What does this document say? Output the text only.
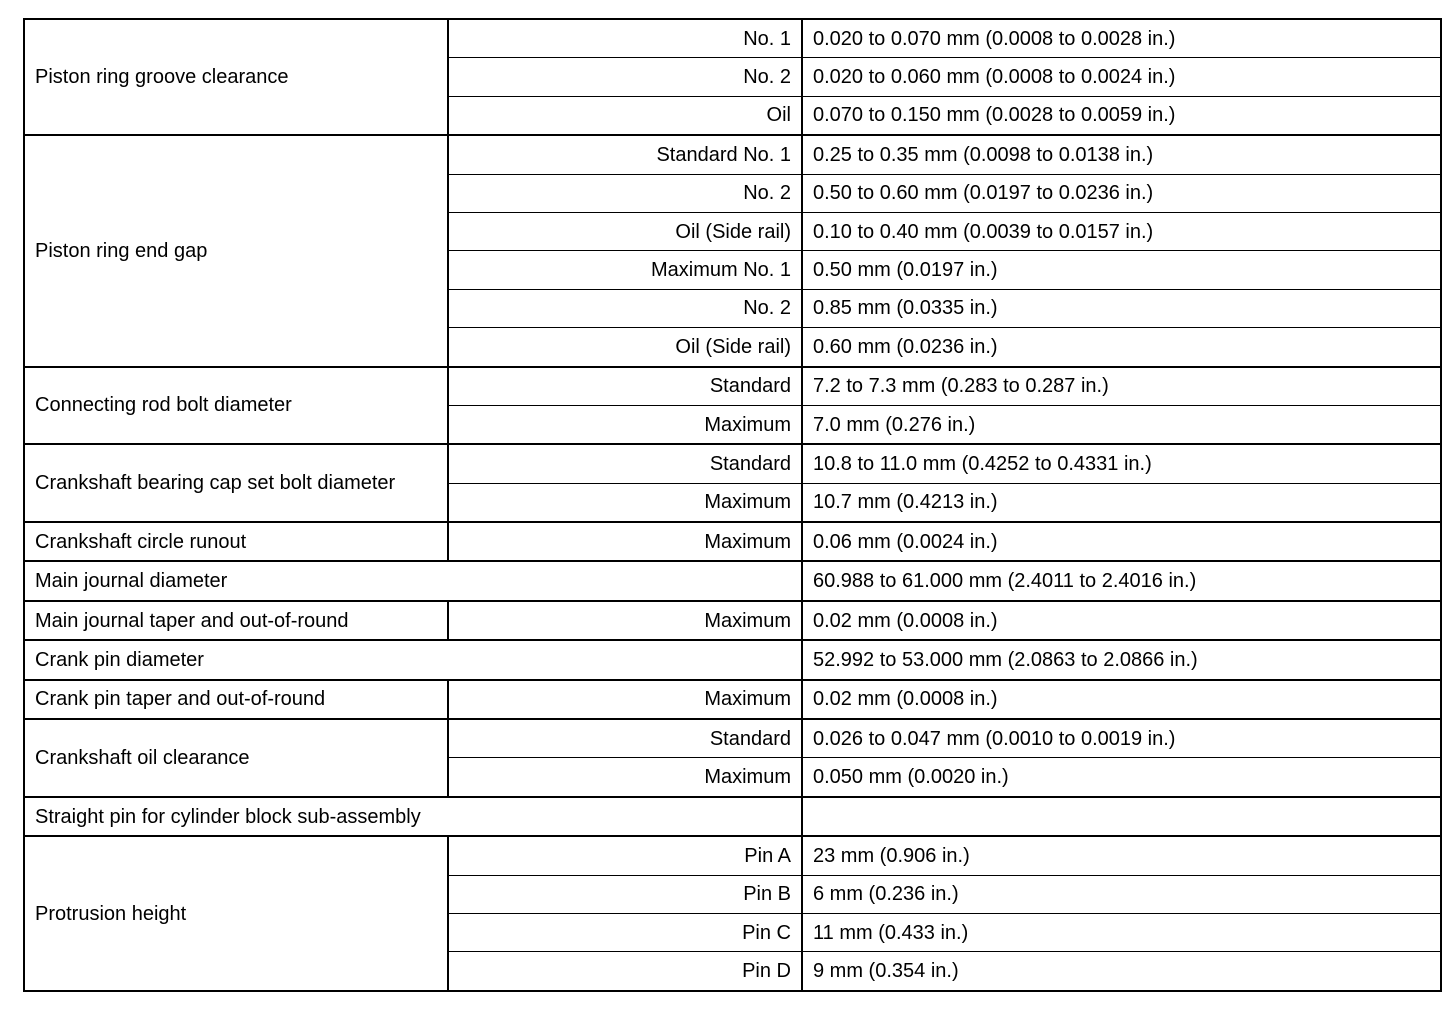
Piston ring groove clearance	No. 1	0.020 to 0.070 mm (0.0008 to 0.0028 in.)
	No. 2	0.020 to 0.060 mm (0.0008 to 0.0024 in.)
	Oil	0.070 to 0.150 mm (0.0028 to 0.0059 in.)
Piston ring end gap	Standard No. 1	0.25 to 0.35 mm (0.0098 to 0.0138 in.)
	No. 2	0.50 to 0.60 mm (0.0197 to 0.0236 in.)
	Oil (Side rail)	0.10 to 0.40 mm (0.0039 to 0.0157 in.)
	Maximum No. 1	0.50 mm (0.0197 in.)
	No. 2	0.85 mm (0.0335 in.)
	Oil (Side rail)	0.60 mm (0.0236 in.)
Connecting rod bolt diameter	Standard	7.2 to 7.3 mm (0.283 to 0.287 in.)
	Maximum	7.0 mm (0.276 in.)
Crankshaft bearing cap set bolt diameter	Standard	10.8 to 11.0 mm (0.4252 to 0.4331 in.)
	Maximum	10.7 mm (0.4213 in.)
Crankshaft circle runout	Maximum	0.06 mm (0.0024 in.)
Main journal diameter		60.988 to 61.000 mm (2.4011 to 2.4016 in.)
Main journal taper and out-of-round	Maximum	0.02 mm (0.0008 in.)
Crank pin diameter		52.992 to 53.000 mm (2.0863 to 2.0866 in.)
Crank pin taper and out-of-round	Maximum	0.02 mm (0.0008 in.)
Crankshaft oil clearance	Standard	0.026 to 0.047 mm (0.0010 to 0.0019 in.)
	Maximum	0.050 mm (0.0020 in.)
Straight pin for cylinder block sub-assembly		
Protrusion height	Pin A	23 mm (0.906 in.)
	Pin B	6 mm (0.236 in.)
	Pin C	11 mm (0.433 in.)
	Pin D	9 mm (0.354 in.)
